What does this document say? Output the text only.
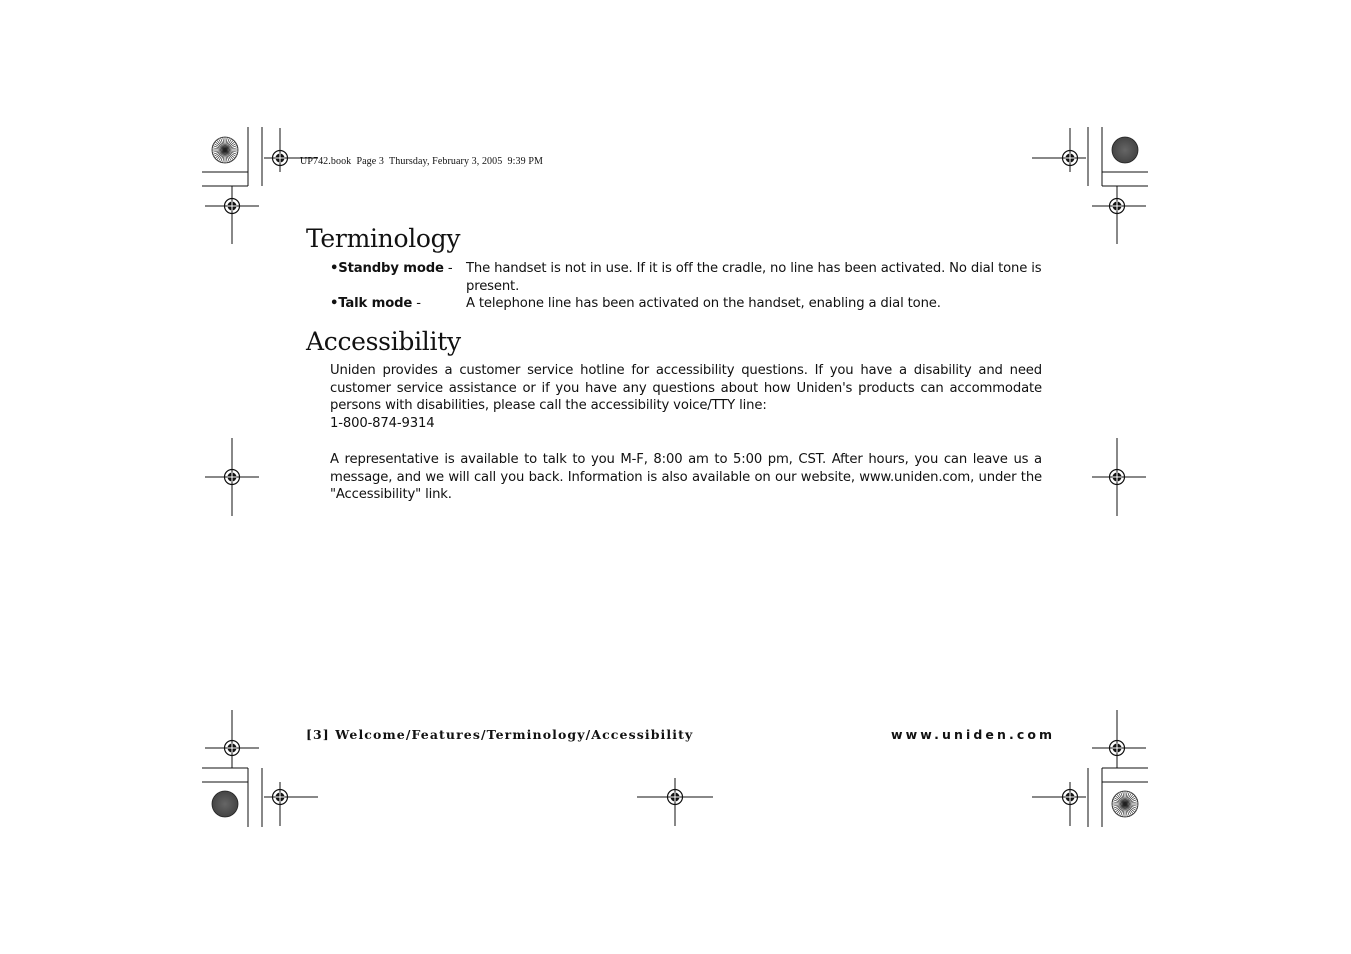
UP742.book  Page 3  Thursday, February 3, 2005  9:39 PM
Terminology
•Standby mode - The handset is not in use. If it is off the cradle, no line has been activated. No dial tone is present.
•Talk mode -	A telephone line has been activated on the handset, enabling a dial tone.
Accessibility
Uniden provides a customer service hotline for accessibility questions. If you have a disability and need customer service assistance or if you have any questions about how Uniden's products can accommodate persons with disabilities, please call the accessibility voice/TTY line:
1-800-874-9314
A representative is available to talk to you M-F, 8:00 am to 5:00 pm, CST. After hours, you can leave us a message, and we will call you back. Information is also available on our website, www.uniden.com, under the "Accessibility" link.
[3] Welcome/Features/Terminology/Accessibility	www.uniden.com
